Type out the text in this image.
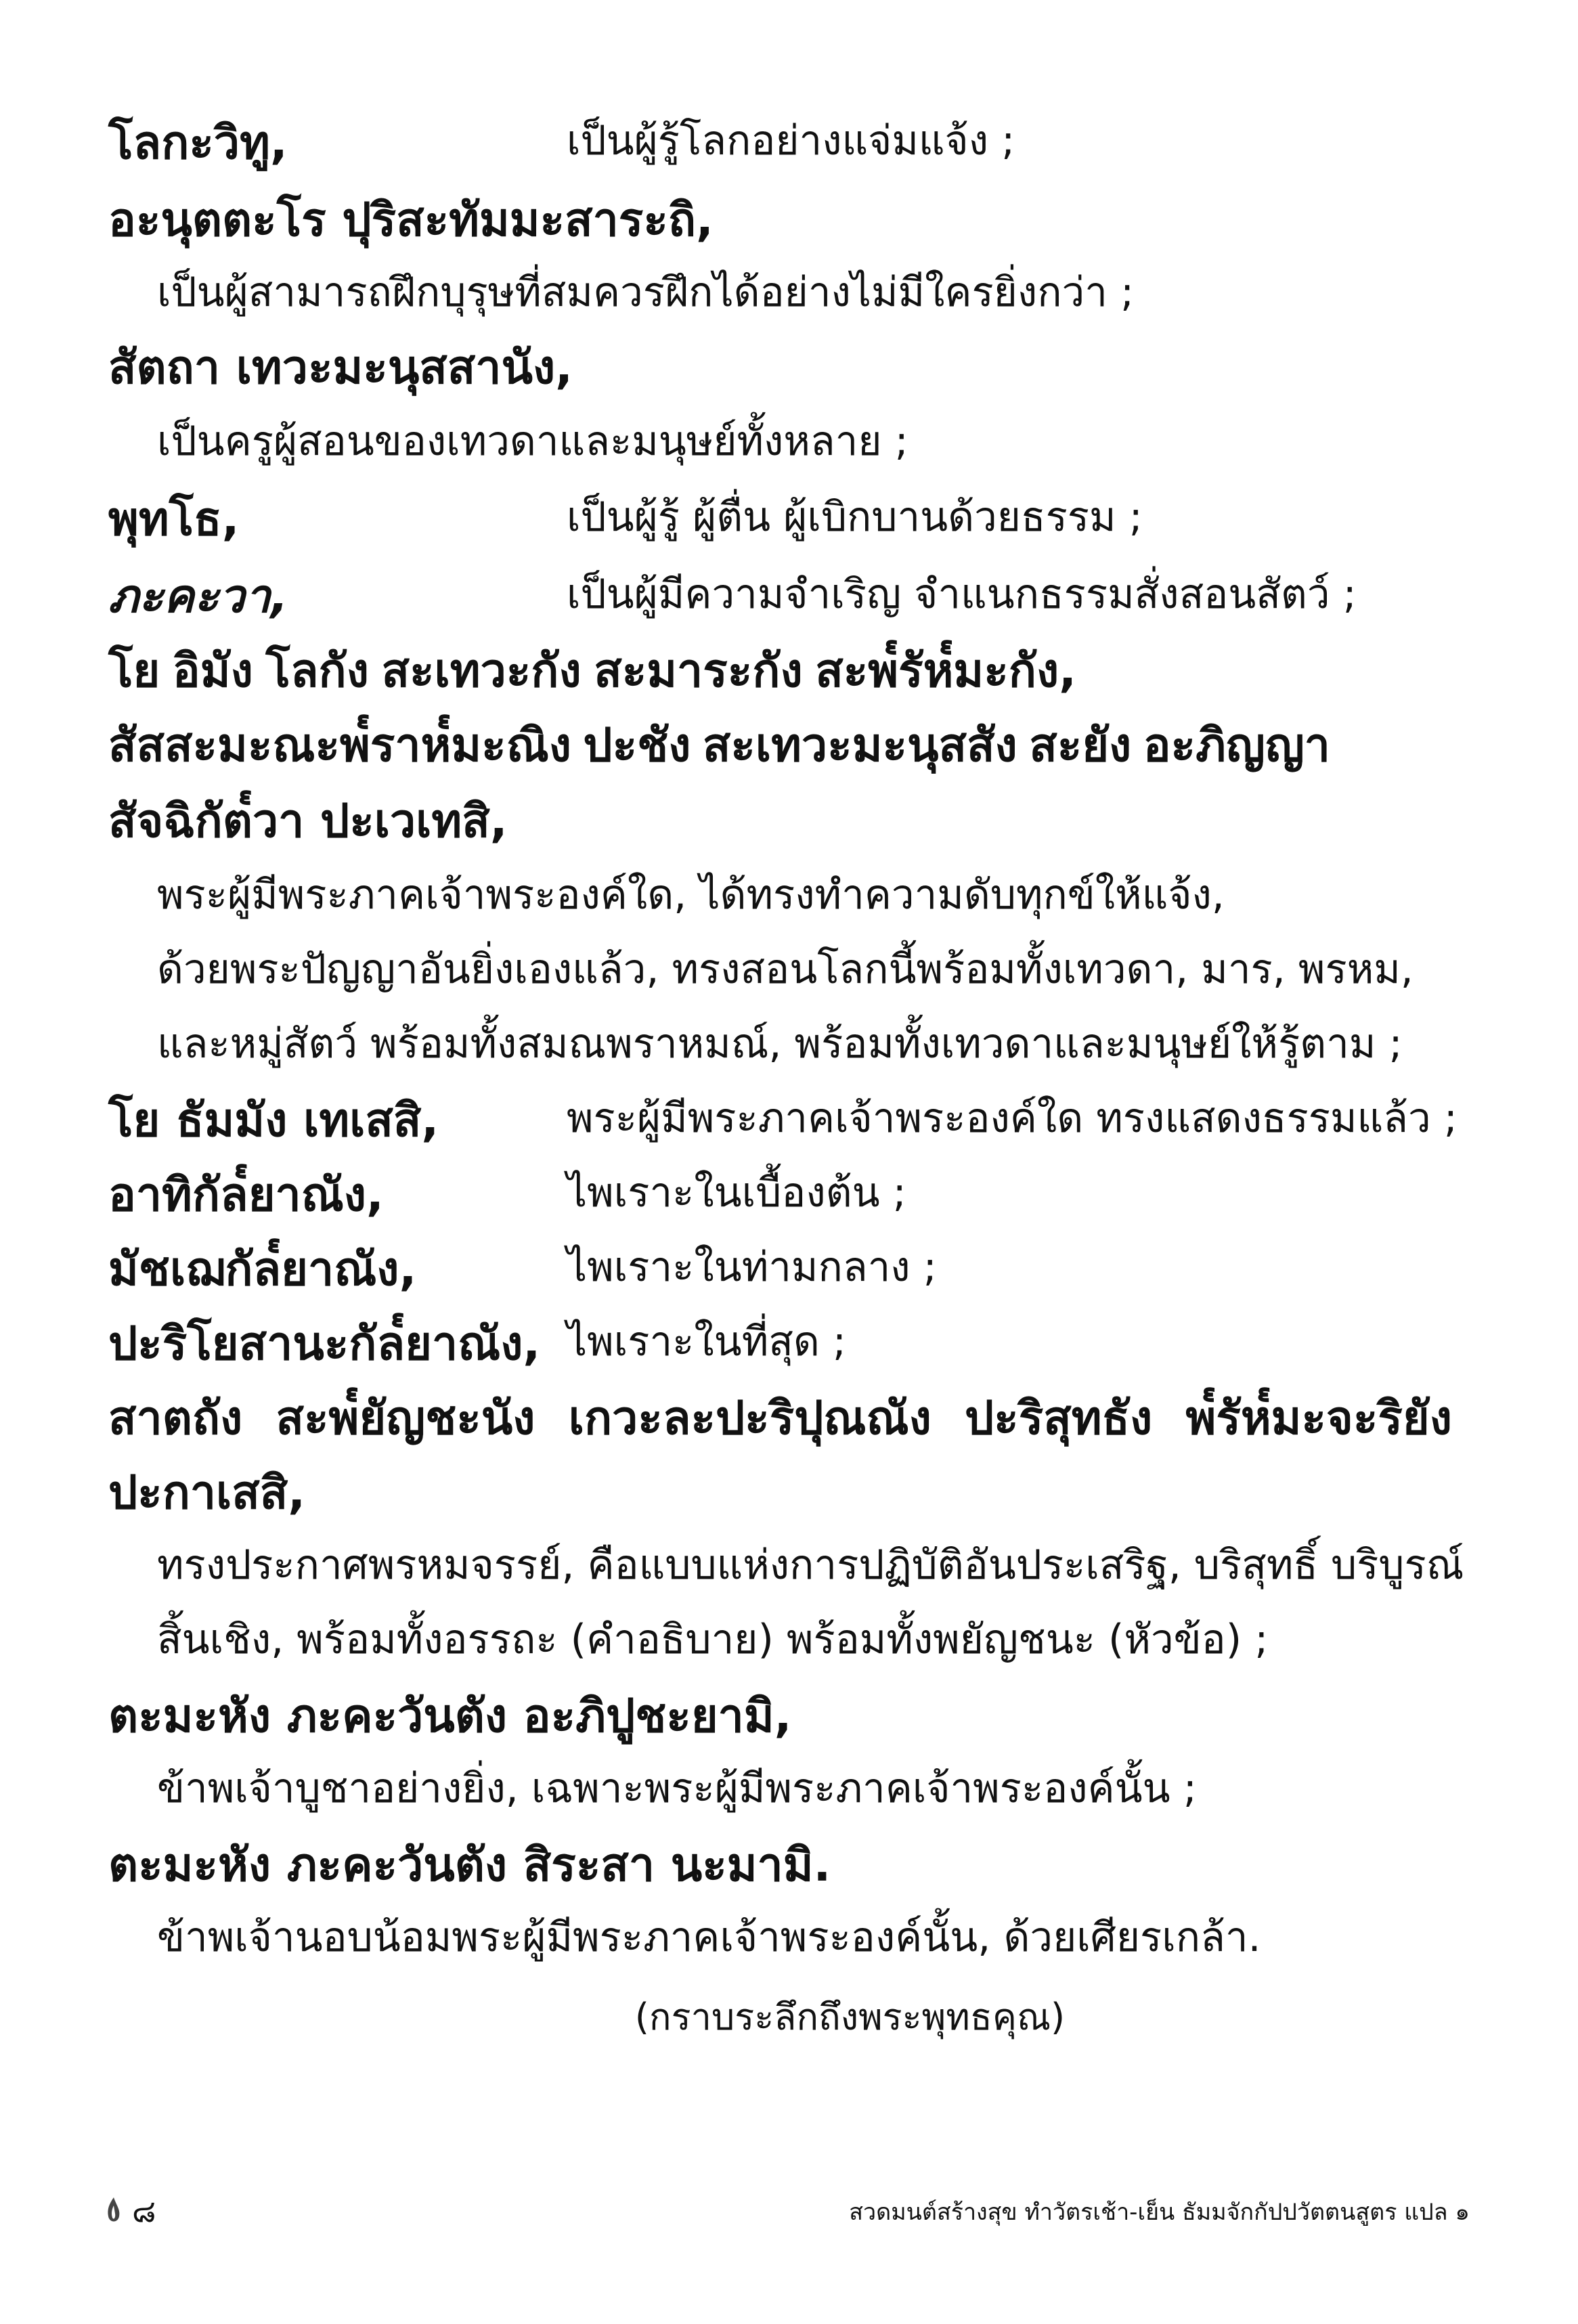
โลกะวิทู,	เป็นผู้รู้โลกอย่างแจ่มแจ้ง ;
อะนุตตะโร ปุริสะทัมมะสาระถิ,
เป็นผู้สามารถฝึกบุรุษที่สมควรฝึกได้อย่างไม่มีใครยิ่งกว่า ;
สัตถา เทวะมะนุสสานัง,
เป็นครูผู้สอนของเทวดาและมนุษย์ทั้งหลาย ;
พุทโธ,	เป็นผู้รู้ ผู้ตื่น ผู้เบิกบานด้วยธรรม ;
ภะคะวา,	เป็นผู้มีความจำเริญ จำแนกธรรมสั่งสอนสัตว์ ;
โย อิมัง โลกัง สะเทวะกัง สะมาระกัง สะพ๎รัห๎มะกัง,
สัสสะมะณะพ๎ราห๎มะณิง ปะชัง สะเทวะมะนุสสัง สะยัง อะภิญญา
สัจฉิกัต๎วา ปะเวเทสิ,
พระผู้มีพระภาคเจ้าพระองค์ใด, ได้ทรงทำความดับทุกข์ให้แจ้ง,
ด้วยพระปัญญาอันยิ่งเองแล้ว, ทรงสอนโลกนี้พร้อมทั้งเทวดา, มาร, พรหม,
และหมู่สัตว์ พร้อมทั้งสมณพราหมณ์, พร้อมทั้งเทวดาและมนุษย์ให้รู้ตาม ;
โย ธัมมัง เทเสสิ,	พระผู้มีพระภาคเจ้าพระองค์ใด ทรงแสดงธรรมแล้ว ;
อาทิกัล๎ยาณัง,	ไพเราะในเบื้องต้น ;
มัชเฌกัล๎ยาณัง,	ไพเราะในท่ามกลาง ;
ปะริโยสานะกัล๎ยาณัง, ไพเราะในที่สุด ;
สาตถัง สะพ๎ยัญชะนัง เกวะละปะริปุณณัง ปะริสุทธัง พ๎รัห๎มะจะริยัง
ปะกาเสสิ,
ทรงประกาศพรหมจรรย์, คือแบบแห่งการปฏิบัติอันประเสริฐ, บริสุทธิ์ บริบูรณ์
สิ้นเชิง, พร้อมทั้งอรรถะ (คำอธิบาย) พร้อมทั้งพยัญชนะ (หัวข้อ) ;
ตะมะหัง ภะคะวันตัง อะภิปูชะยามิ,
ข้าพเจ้าบูชาอย่างยิ่ง, เฉพาะพระผู้มีพระภาคเจ้าพระองค์นั้น ;
ตะมะหัง ภะคะวันตัง สิระสา นะมามิ.
ข้าพเจ้านอบน้อมพระผู้มีพระภาคเจ้าพระองค์นั้น, ด้วยเศียรเกล้า.
(กราบระลึกถึงพระพุทธคุณ)
๘	สวดมนต์สร้างสุข ทำวัตรเช้า-เย็น ธัมมจักกัปปวัตตนสูตร แปล ๑
